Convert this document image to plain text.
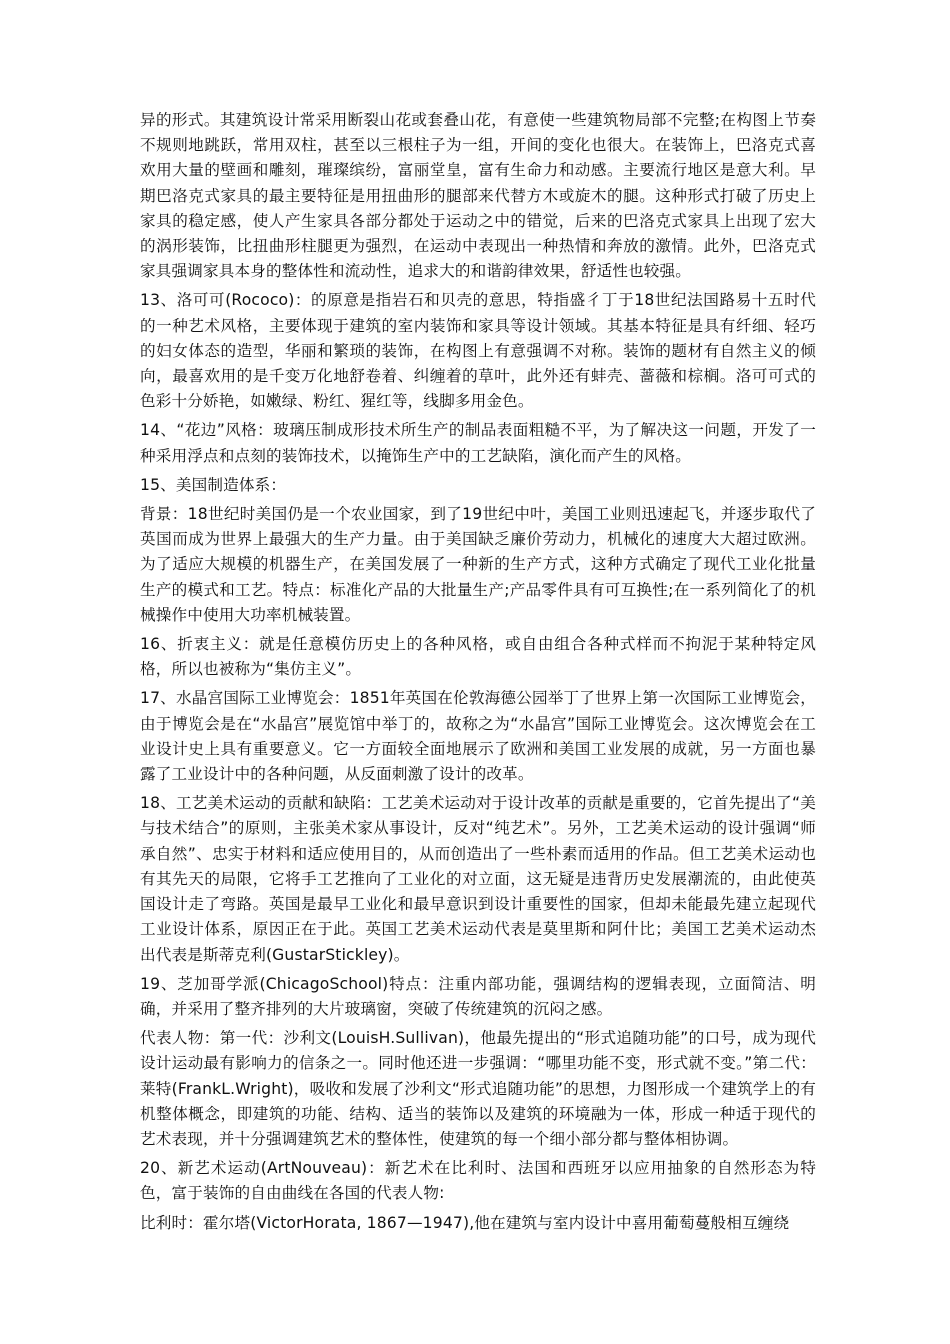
异的形式。其建筑设计常采用断裂山花或套叠山花，有意使一些建筑物局部不完整;在构图上节奏不规则地跳跃，常用双柱，甚至以三根柱子为一组，开间的变化也很大。在装饰上，巴洛克式喜欢用大量的壁画和雕刻，璀璨缤纷，富丽堂皇，富有生命力和动感。主要流行地区是意大利。早期巴洛克式家具的最主要特征是用扭曲形的腿部来代替方木或旋木的腿。这种形式打破了历史上家具的稳定感，使人产生家具各部分都处于运动之中的错觉，后来的巴洛克式家具上出现了宏大的涡形装饰，比扭曲形柱腿更为强烈，在运动中表现出一种热情和奔放的激情。此外，巴洛克式家具强调家具本身的整体性和流动性，追求大的和谐韵律效果，舒适性也较强。

13、洛可可(Rococo)：的原意是指岩石和贝壳的意思，特指盛彳丁于18世纪法国路易十五时代的一种艺术风格，主要体现于建筑的室内装饰和家具等设计领域。其基本特征是具有纤细、轻巧的妇女体态的造型，华丽和繁琐的装饰，在构图上有意强调不对称。装饰的题材有自然主义的倾向，最喜欢用的是千变万化地舒卷着、纠缠着的草叶，此外还有蚌壳、蔷薇和棕榈。洛可可式的色彩十分娇艳，如嫩绿、粉红、猩红等，线脚多用金色。

14、“花边”风格：玻璃压制成形技术所生产的制品表面粗糙不平，为了解决这一问题，开发了一种采用浮点和点刻的装饰技术，以掩饰生产中的工艺缺陷，演化而产生的风格。

15、美国制造体系：

背景：18世纪时美国仍是一个农业国家，到了19世纪中叶，美国工业则迅速起飞，并逐步取代了英国而成为世界上最强大的生产力量。由于美国缺乏廉价劳动力，机械化的速度大大超过欧洲。为了适应大规模的机器生产，在美国发展了一种新的生产方式，这种方式确定了现代工业化批量生产的模式和工艺。特点：标准化产品的大批量生产;产品零件具有可互换性;在一系列简化了的机械操作中使用大功率机械装置。

16、折衷主义：就是任意模仿历史上的各种风格，或自由组合各种式样而不拘泥于某种特定风格，所以也被称为“集仿主义”。

17、水晶宫国际工业博览会：1851年英国在伦敦海德公园举丁了世界上第一次国际工业博览会，由于博览会是在“水晶宫”展览馆中举丁的，故称之为“水晶宫”国际工业博览会。这次博览会在工业设计史上具有重要意义。它一方面较全面地展示了欧洲和美国工业发展的成就，另一方面也暴露了工业设计中的各种问题，从反面刺激了设计的改革。

18、工艺美术运动的贡献和缺陷：工艺美术运动对于设计改革的贡献是重要的，它首先提出了“美与技术结合”的原则，主张美术家从事设计，反对“纯艺术”。另外，工艺美术运动的设计强调“师承自然”、忠实于材料和适应使用目的，从而创造出了一些朴素而适用的作品。但工艺美术运动也有其先天的局限，它将手工艺推向了工业化的对立面，这无疑是违背历史发展潮流的，由此使英国设计走了弯路。英国是最早工业化和最早意识到设计重要性的国家，但却未能最先建立起现代工业设计体系，原因正在于此。英国工艺美术运动代表是莫里斯和阿什比；美国工艺美术运动杰出代表是斯蒂克利(GustarStickley)。

19、芝加哥学派(ChicagoSchool)特点：注重内部功能，强调结构的逻辑表现，立面简洁、明确，并采用了整齐排列的大片玻璃窗，突破了传统建筑的沉闷之感。

代表人物：第一代：沙利文(LouisH.Sullivan)，他最先提出的“形式追随功能”的口号，成为现代设计运动最有影响力的信条之一。同时他还进一步强调：“哪里功能不变，形式就不变。”第二代：莱特(FrankL.Wright)，吸收和发展了沙利文“形式追随功能”的思想，力图形成一个建筑学上的有机整体概念，即建筑的功能、结构、适当的装饰以及建筑的环境融为一体，形成一种适于现代的艺术表现，并十分强调建筑艺术的整体性，使建筑的每一个细小部分都与整体相协调。

20、新艺术运动(ArtNouveau)：新艺术在比利时、法国和西班牙以应用抽象的自然形态为特色，富于装饰的自由曲线在各国的代表人物:

比利时：霍尔塔(VictorHorata, 1867—1947),他在建筑与室内设计中喜用葡萄蔓般相互缠绕
